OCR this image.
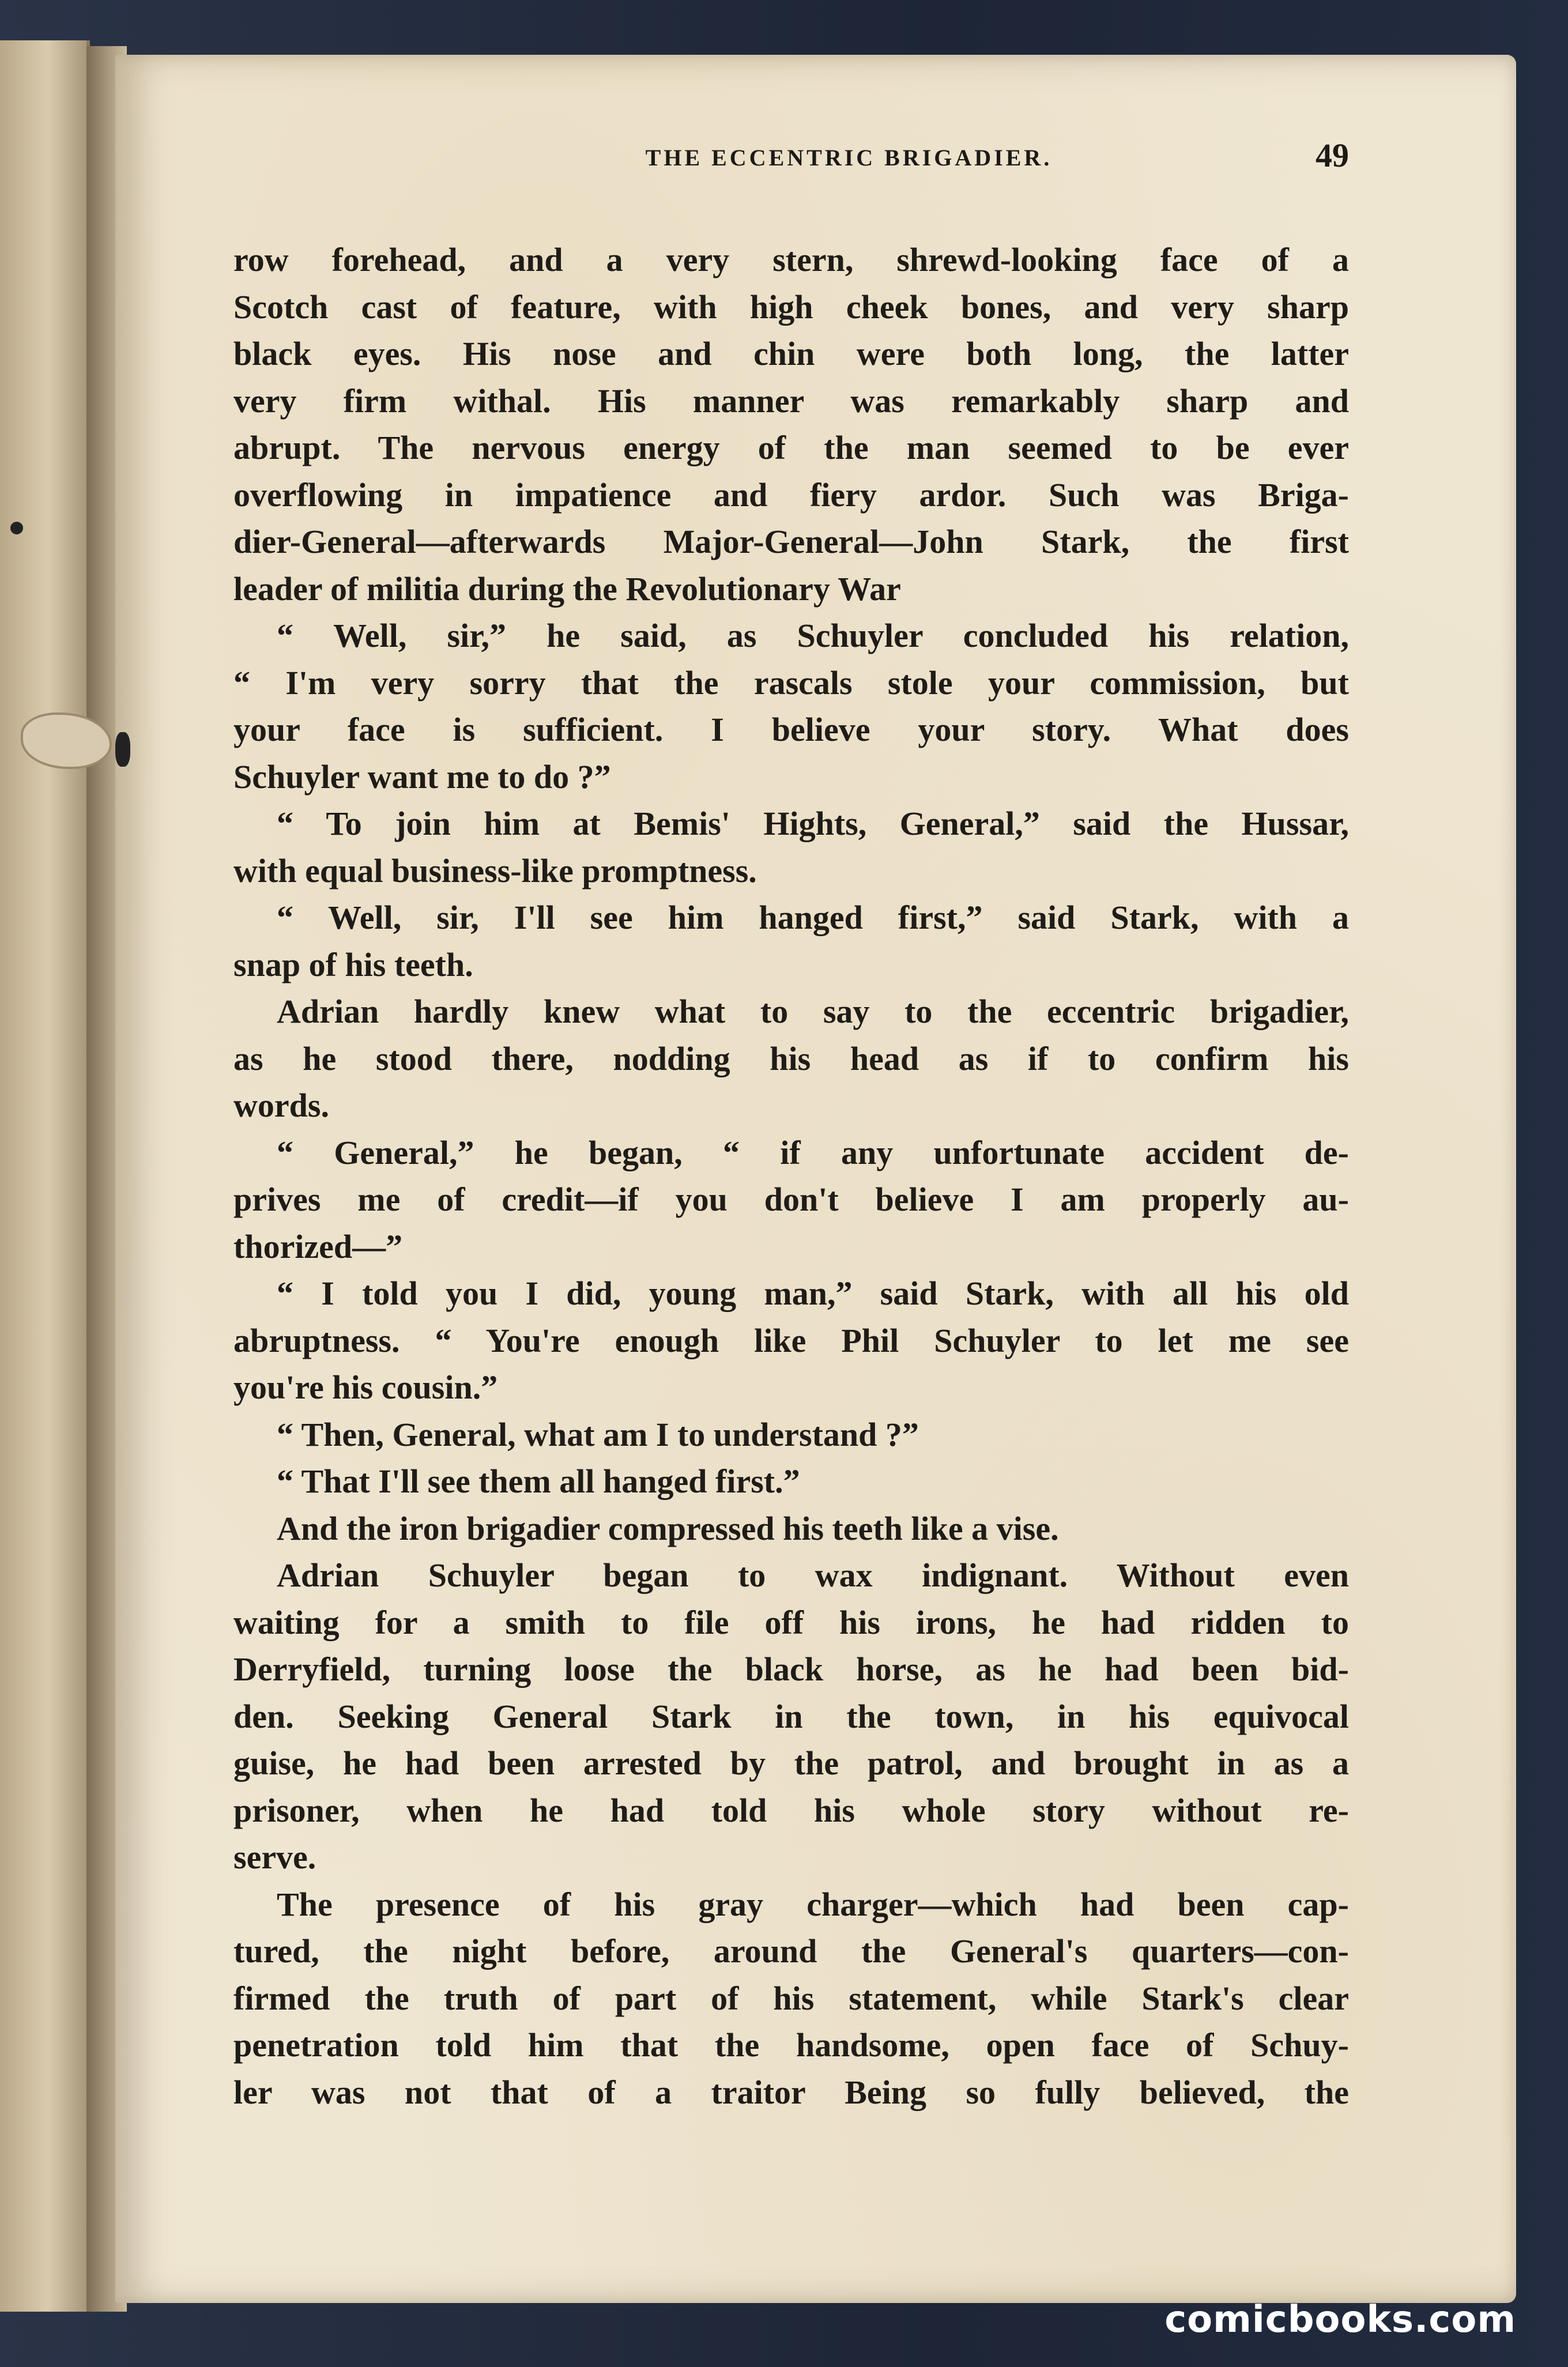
THE ECCENTRIC BRIGADIER.	49
row forehead, and a very stern, shrewd-looking face of a
Scotch cast of feature, with high cheek bones, and very sharp
black eyes. His nose and chin were both long, the latter
very firm withal. His manner was remarkably sharp and
abrupt. The nervous energy of the man seemed to be ever
overflowing in impatience and fiery ardor. Such was Briga-
dier-General—afterwards Major-General—John Stark, the first
leader of militia during the Revolutionary War
“ Well, sir,” he said, as Schuyler concluded his relation,
“ I'm very sorry that the rascals stole your commission, but
your face is sufficient. I believe your story. What does
Schuyler want me to do ?”
“ To join him at Bemis' Hights, General,” said the Hussar,
with equal business-like promptness.
“ Well, sir, I'll see him hanged first,” said Stark, with a
snap of his teeth.
Adrian hardly knew what to say to the eccentric brigadier,
as he stood there, nodding his head as if to confirm his
words.
“ General,” he began, “ if any unfortunate accident de-
prives me of credit—if you don't believe I am properly au-
thorized—”
“ I told you I did, young man,” said Stark, with all his old
abruptness. “ You're enough like Phil Schuyler to let me see
you're his cousin.”
“ Then, General, what am I to understand ?”
“ That I'll see them all hanged first.”
And the iron brigadier compressed his teeth like a vise.
Adrian Schuyler began to wax indignant. Without even
waiting for a smith to file off his irons, he had ridden to
Derryfield, turning loose the black horse, as he had been bid-
den. Seeking General Stark in the town, in his equivocal
guise, he had been arrested by the patrol, and brought in as a
prisoner, when he had told his whole story without re-
serve.
The presence of his gray charger—which had been cap-
tured, the night before, around the General's quarters—con-
firmed the truth of part of his statement, while Stark's clear
penetration told him that the handsome, open face of Schuy-
ler was not that of a traitor Being so fully believed, the
comicbooks.com
